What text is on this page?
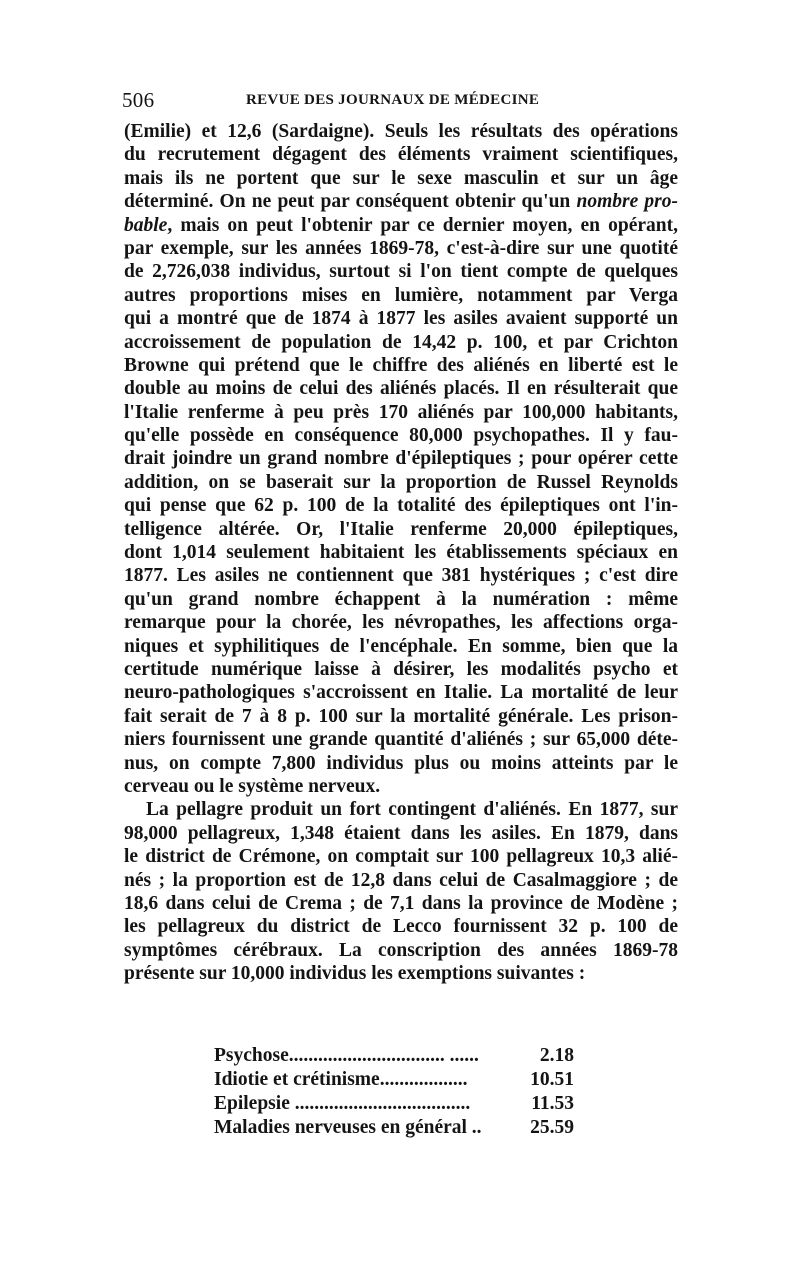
506	REVUE DES JOURNAUX DE MÉDECINE
(Emilie) et 12,6 (Sardaigne). Seuls les résultats des opérations
du recrutement dégagent des éléments vraiment scientifiques,
mais ils ne portent que sur le sexe masculin et sur un âge
déterminé. On ne peut par conséquent obtenir qu'un nombre pro-
bable, mais on peut l'obtenir par ce dernier moyen, en opérant,
par exemple, sur les années 1869-78, c'est-à-dire sur une quotité
de 2,726,038 individus, surtout si l'on tient compte de quelques
autres proportions mises en lumière, notamment par Verga
qui a montré que de 1874 à 1877 les asiles avaient supporté un
accroissement de population de 14,42 p. 100, et par Crichton
Browne qui prétend que le chiffre des aliénés en liberté est le
double au moins de celui des aliénés placés. Il en résulterait que
l'Italie renferme à peu près 170 aliénés par 100,000 habitants,
qu'elle possède en conséquence 80,000 psychopathes. Il y fau-
drait joindre un grand nombre d'épileptiques ; pour opérer cette
addition, on se baserait sur la proportion de Russel Reynolds
qui pense que 62 p. 100 de la totalité des épileptiques ont l'in-
telligence altérée. Or, l'Italie renferme 20,000 épileptiques,
dont 1,014 seulement habitaient les établissements spéciaux en
1877. Les asiles ne contiennent que 381 hystériques ; c'est dire
qu'un grand nombre échappent à la numération : même
remarque pour la chorée, les névropathes, les affections orga-
niques et syphilitiques de l'encéphale. En somme, bien que la
certitude numérique laisse à désirer, les modalités psycho et
neuro-pathologiques s'accroissent en Italie. La mortalité de leur
fait serait de 7 à 8 p. 100 sur la mortalité générale. Les prison-
niers fournissent une grande quantité d'aliénés ; sur 65,000 déte-
nus, on compte 7,800 individus plus ou moins atteints par le
cerveau ou le système nerveux.
La pellagre produit un fort contingent d'aliénés. En 1877, sur
98,000 pellagreux, 1,348 étaient dans les asiles. En 1879, dans
le district de Crémone, on comptait sur 100 pellagreux 10,3 alié-
nés ; la proportion est de 12,8 dans celui de Casalmaggiore ; de
18,6 dans celui de Crema ; de 7,1 dans la province de Modène ;
les pellagreux du district de Lecco fournissent 32 p. 100 de
symptômes cérébraux. La conscription des années 1869-78
présente sur 10,000 individus les exemptions suivantes :
Psychose................................ ......	2.18
Idiotie et crétinisme..................	10.51
Epilepsie ....................................	11.53
Maladies nerveuses en général ..	25.59
